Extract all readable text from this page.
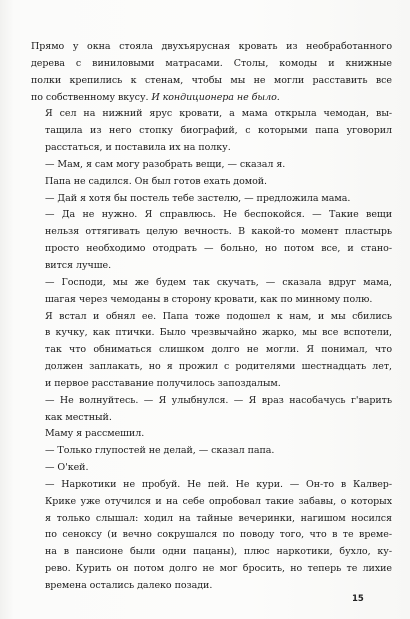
Прямо у окна стояла двухъярусная кровать из необработанного
дерева с виниловыми матрасами. Столы, комоды и книжные
полки крепились к стенам, чтобы мы не могли расставить все
по собственному вкусу. И кондиционера не было.

Я сел на нижний ярус кровати, а мама открыла чемодан, вы-
тащила из него стопку биографий, с которыми папа уговорил
расстаться, и поставила их на полку.

— Мам, я сам могу разобрать вещи, — сказал я.

Папа не садился. Он был готов ехать домой.

— Дай я хотя бы постель тебе застелю, — предложила мама.

— Да не нужно. Я справлюсь. Не беспокойся. — Такие вещи
нельзя оттягивать целую вечность. В какой-то момент пластырь
просто необходимо отодрать — больно, но потом все, и стано-
вится лучше.

— Господи, мы же будем так скучать, — сказала вдруг мама,
шагая через чемоданы в сторону кровати, как по минному полю.

Я встал и обнял ее. Папа тоже подошел к нам, и мы сбились
в кучку, как птички. Было чрезвычайно жарко, мы все вспотели,
так что обниматься слишком долго не могли. Я понимал, что
должен заплакать, но я прожил с родителями шестнадцать лет,
и первое расставание получилось запоздалым.

— Не волнуйтесь. — Я улыбнулся. — Я враз насобачусь г'варить
как местный.

Маму я рассмешил.

— Только глупостей не делай, — сказал папа.

— О'кей.

— Наркотики не пробуй. Не пей. Не кури. — Он-то в Калвер-
Крике уже отучился и на себе опробовал такие забавы, о которых
я только слышал: ходил на тайные вечеринки, нагишом носился
по сеноксу (и вечно сокрушался по поводу того, что в те време-
на в пансионе были одни пацаны), плюс наркотики, бухло, ку-
рево. Курить он потом долго не мог бросить, но теперь те лихие
времена остались далеко позади.

15
